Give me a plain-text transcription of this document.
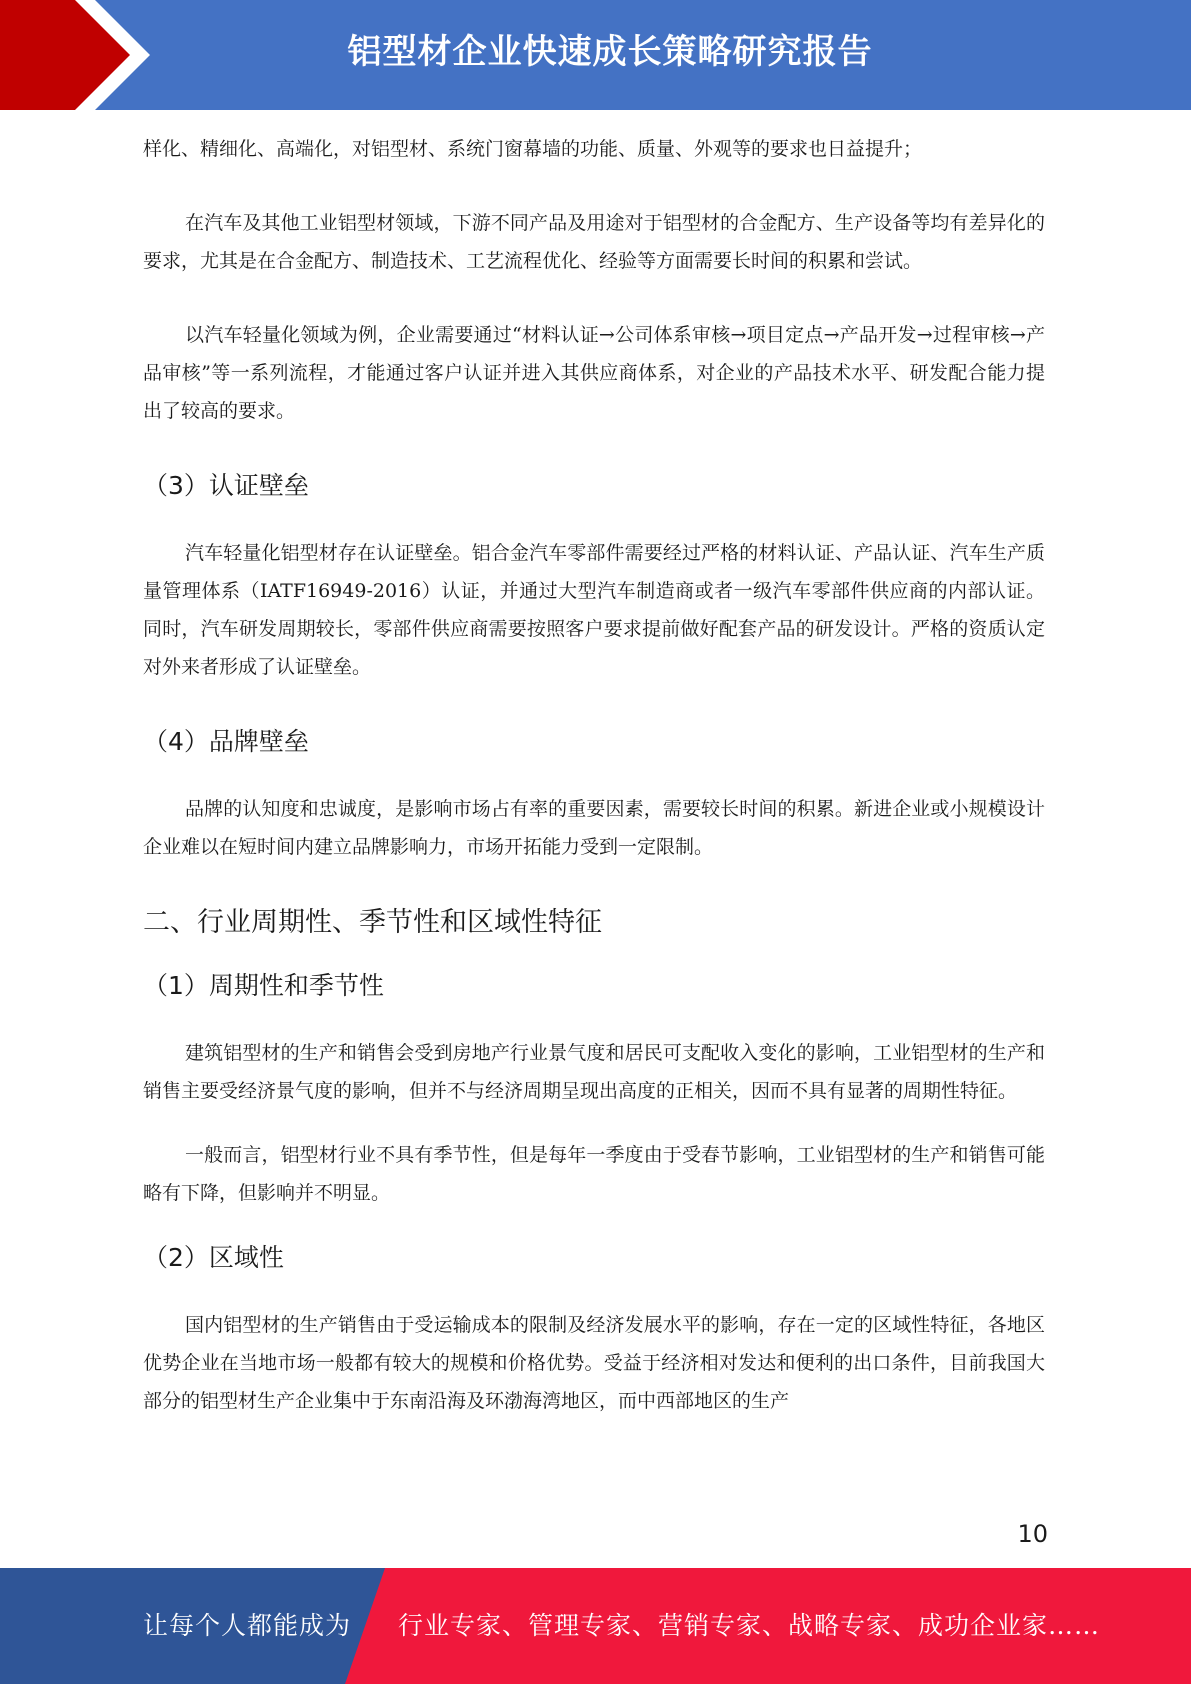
铝型材企业快速成长策略研究报告

样化、精细化、高端化，对铝型材、系统门窗幕墙的功能、质量、外观等的要求也日益提升；

在汽车及其他工业铝型材领域，下游不同产品及用途对于铝型材的合金配方、生产设备等均有差异化的要求，尤其是在合金配方、制造技术、工艺流程优化、经验等方面需要长时间的积累和尝试。

以汽车轻量化领域为例，企业需要通过“材料认证→公司体系审核→项目定点→产品开发→过程审核→产品审核”等一系列流程，才能通过客户认证并进入其供应商体系，对企业的产品技术水平、研发配合能力提出了较高的要求。

（3）认证壁垒

汽车轻量化铝型材存在认证壁垒。铝合金汽车零部件需要经过严格的材料认证、产品认证、汽车生产质量管理体系（IATF16949-2016）认证，并通过大型汽车制造商或者一级汽车零部件供应商的内部认证。同时，汽车研发周期较长，零部件供应商需要按照客户要求提前做好配套产品的研发设计。严格的资质认定对外来者形成了认证壁垒。

（4）品牌壁垒

品牌的认知度和忠诚度，是影响市场占有率的重要因素，需要较长时间的积累。新进企业或小规模设计企业难以在短时间内建立品牌影响力，市场开拓能力受到一定限制。

二、行业周期性、季节性和区域性特征
（1）周期性和季节性

建筑铝型材的生产和销售会受到房地产行业景气度和居民可支配收入变化的影响，工业铝型材的生产和销售主要受经济景气度的影响，但并不与经济周期呈现出高度的正相关，因而不具有显著的周期性特征。

一般而言，铝型材行业不具有季节性，但是每年一季度由于受春节影响，工业铝型材的生产和销售可能略有下降，但影响并不明显。

（2）区域性

国内铝型材的生产销售由于受运输成本的限制及经济发展水平的影响，存在一定的区域性特征，各地区优势企业在当地市场一般都有较大的规模和价格优势。受益于经济相对发达和便利的出口条件，目前我国大部分的铝型材生产企业集中于东南沿海及环渤海湾地区，而中西部地区的生产

10
让每个人都能成为 行业专家、管理专家、营销专家、战略专家、成功企业家……
